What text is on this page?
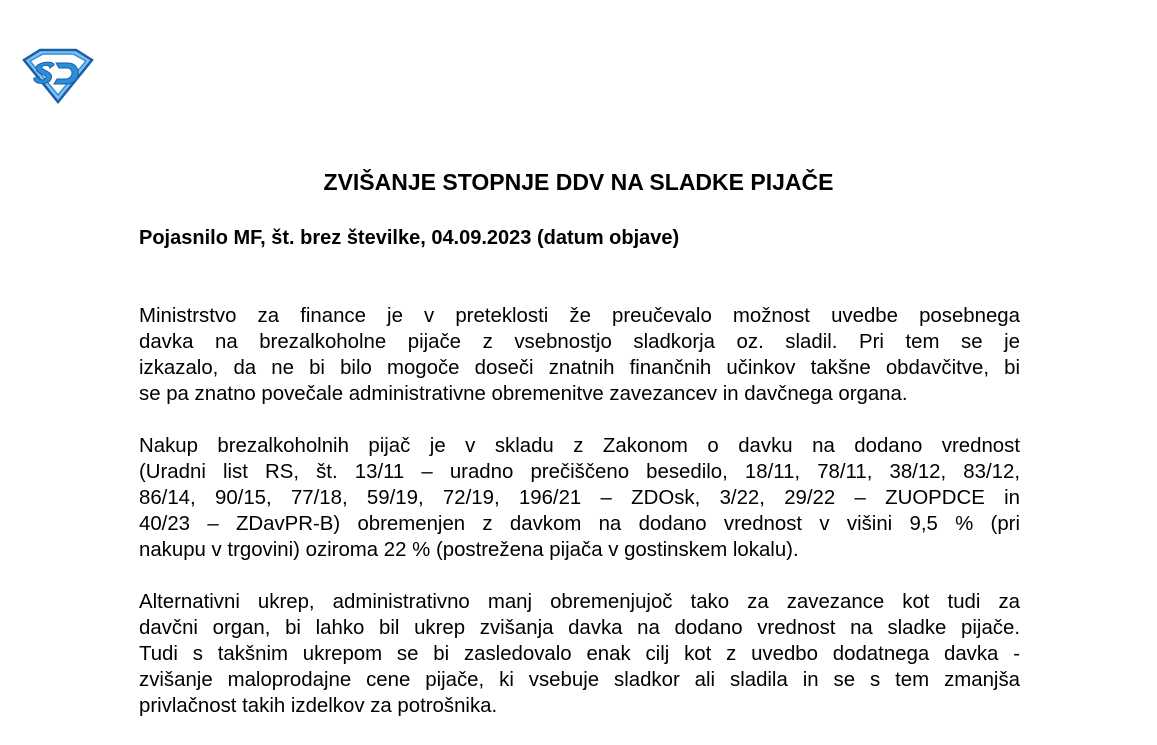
ZVIŠANJE STOPNJE DDV NA SLADKE PIJAČE
Pojasnilo MF, št. brez številke, 04.09.2023 (datum objave)
Ministrstvo za finance je v preteklosti že preučevalo možnost uvedbe posebnega
davka na brezalkoholne pijače z vsebnostjo sladkorja oz. sladil. Pri tem se je
izkazalo, da ne bi bilo mogoče doseči znatnih finančnih učinkov takšne obdavčitve, bi
se pa znatno povečale administrativne obremenitve zavezancev in davčnega organa.
Nakup brezalkoholnih pijač je v skladu z Zakonom o davku na dodano vrednost
(Uradni list RS, št. 13/11 – uradno prečiščeno besedilo, 18/11, 78/11, 38/12, 83/12,
86/14, 90/15, 77/18, 59/19, 72/19, 196/21 – ZDOsk, 3/22, 29/22 – ZUOPDCE in
40/23 – ZDavPR-B) obremenjen z davkom na dodano vrednost v višini 9,5 % (pri
nakupu v trgovini) oziroma 22 % (postrežena pijača v gostinskem lokalu).
Alternativni ukrep, administrativno manj obremenjujoč tako za zavezance kot tudi za
davčni organ, bi lahko bil ukrep zvišanja davka na dodano vrednost na sladke pijače.
Tudi s takšnim ukrepom se bi zasledovalo enak cilj kot z uvedbo dodatnega davka -
zvišanje maloprodajne cene pijače, ki vsebuje sladkor ali sladila in se s tem zmanjša
privlačnost takih izdelkov za potrošnika.
